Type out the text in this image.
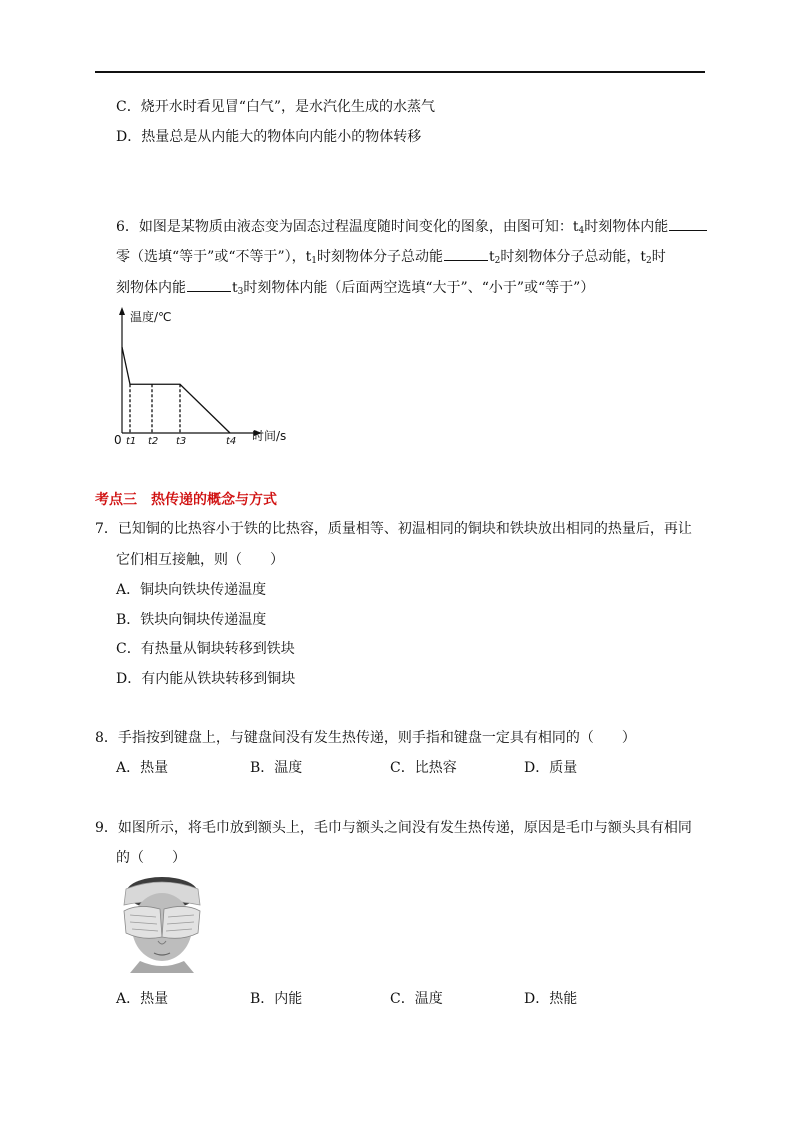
C．烧开水时看见冒“白气”，是水汽化生成的水蒸气
D．热量总是从内能大的物体向内能小的物体转移
6．如图是某物质由液态变为固态过程温度随时间变化的图象，由图可知：$t_4$时刻物体内能
零（选填“等于”或“不等于”），$t_1$时刻物体分子总动能	$t_2$时刻物体分子总动能，$t_2$时
刻物体内能	$t_3$时刻物体内能（后面两空选填“大于”、“小于”或“等于”）
温度/℃
时间/s
0 t1 t2 t3	t4
考点三　热传递的概念与方式
7．已知铜的比热容小于铁的比热容，质量相等、初温相同的铜块和铁块放出相同的热量后，再让
它们相互接触，则（　　）
A．铜块向铁块传递温度
B．铁块向铜块传递温度
C．有热量从铜块转移到铁块
D．有内能从铁块转移到铜块
8．手指按到键盘上，与键盘间没有发生热传递，则手指和键盘一定具有相同的（　　）
A．热量	B．温度	C．比热容	D．质量
9．如图所示，将毛巾放到额头上，毛巾与额头之间没有发生热传递，原因是毛巾与额头具有相同
的（　　）
A．热量	B．内能	C．温度	D．热能
